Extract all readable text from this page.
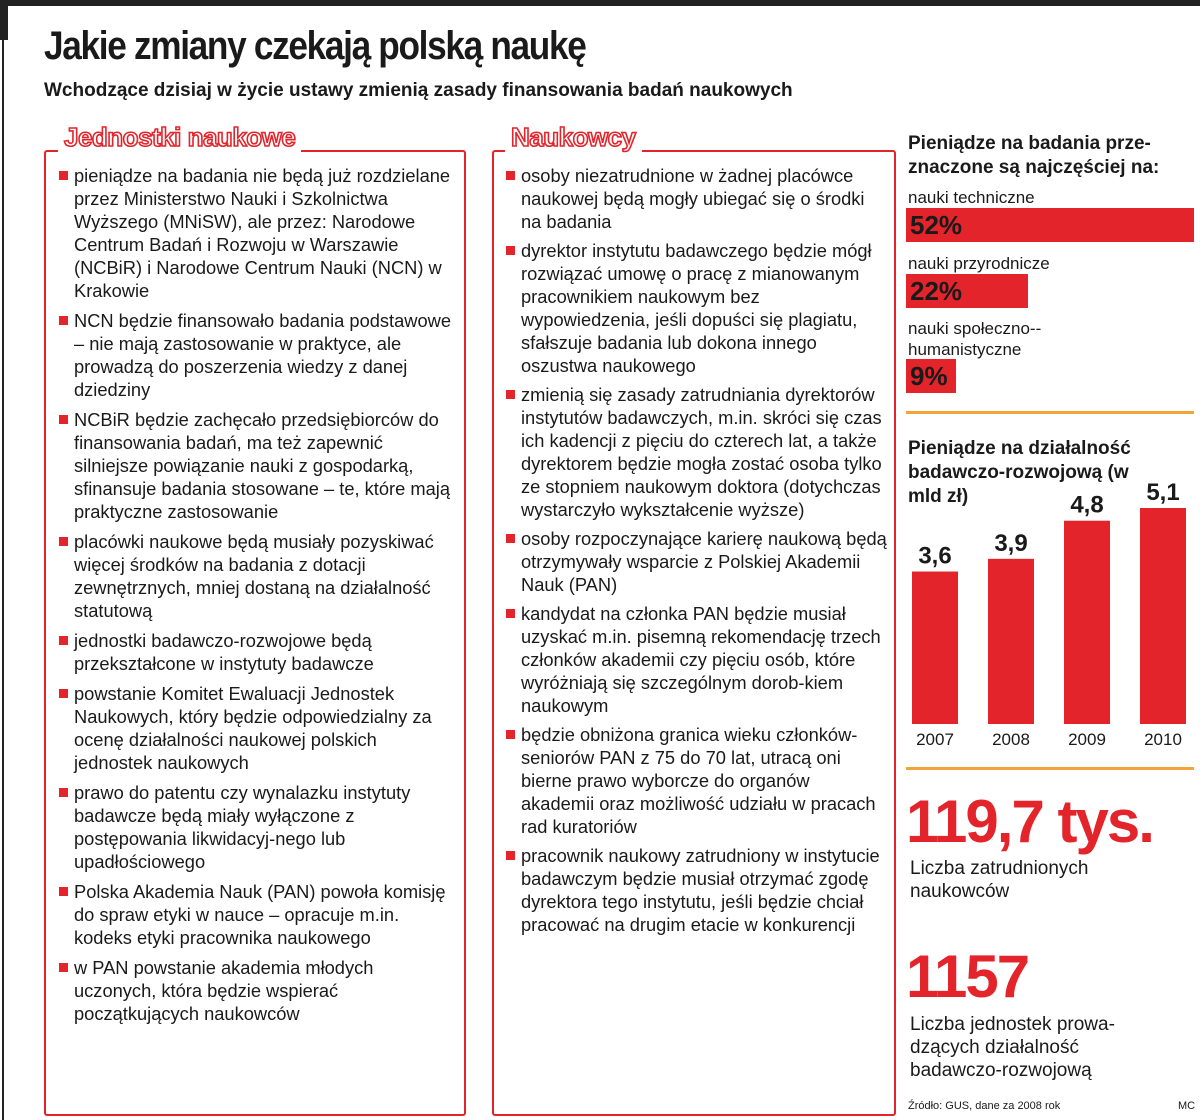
Jakie zmiany czekają polską naukę

Wchodzące dzisiaj w życie ustawy zmienią zasady finansowania badań naukowych

Jednostki naukowe
pieniądze na badania nie będą już rozdzielane przez Ministerstwo Nauki i Szkolnictwa Wyższego (MNiSW), ale przez: Narodowe Centrum Badań i Rozwoju w Warszawie (NCBiR) i Narodowe Centrum Nauki (NCN) w Krakowie
NCN będzie finansowało badania podstawowe – nie mają zastosowanie w praktyce, ale prowadzą do poszerzenia wiedzy z danej dziedziny
NCBiR będzie zachęcało przedsiębiorców do finansowania badań, ma też zapewnić silniejsze powiązanie nauki z gospodarką, sfinansuje badania stosowane – te, które mają praktyczne zastosowanie
placówki naukowe będą musiały pozyskiwać więcej środków na badania z dotacji zewnętrznych, mniej dostaną na działalność statutową
jednostki badawczo-rozwojowe będą przekształcone w instytuty badawcze
powstanie Komitet Ewaluacji Jednostek Naukowych, który będzie odpowiedzialny za ocenę działalności naukowej polskich jednostek naukowych
prawo do patentu czy wynalazku instytuty badawcze będą miały wyłączone z postępowania likwidacyj-nego lub upadłościowego
Polska Akademia Nauk (PAN) powoła komisję do spraw etyki w nauce – opracuje m.in. kodeks etyki pracownika naukowego
w PAN powstanie akademia młodych uczonych, która będzie wspierać początkujących naukowców
Naukowcy
osoby niezatrudnione w żadnej placówce naukowej będą mogły ubiegać się o środki na badania
dyrektor instytutu badawczego będzie mógł rozwiązać umowę o pracę z mianowanym pracownikiem naukowym bez wypowiedzenia, jeśli dopuści się plagiatu, sfałszuje badania lub dokona innego oszustwa naukowego
zmienią się zasady zatrudniania dyrektorów instytutów badawczych, m.in. skróci się czas ich kadencji z pięciu do czterech lat, a także dyrektorem będzie mogła zostać osoba tylko ze stopniem naukowym doktora (dotychczas wystarczyło wykształcenie wyższe)
osoby rozpoczynające karierę naukową będą otrzymywały wsparcie z Polskiej Akademii Nauk (PAN)
kandydat na członka PAN będzie musiał uzyskać m.in. pisemną rekomendację trzech członków akademii czy pięciu osób, które wyróżniają się szczególnym dorob-kiem naukowym
będzie obniżona granica wieku członków-seniorów PAN z 75 do 70 lat, utracą oni bierne prawo wyborcze do organów akademii oraz możliwość udziału w pracach rad kuratoriów
pracownik naukowy zatrudniony w instytucie badawczym będzie musiał otrzymać zgodę dyrektora tego instytutu, jeśli będzie chciał pracować na drugim etacie w konkurencji

Pieniądze na badania prze-znaczone są najczęściej na:

nauki techniczne
52%
nauki przyrodnicze
22%
nauki społeczno--humanistyczne
9%

Pieniądze na działalność badawczo-rozwojową (w mld zł)

3,6
2007
3,9
2008
4,8
2009
5,1
2010

119,7 tys.

Liczba zatrudnionych naukowców

1157

Liczba jednostek prowa-dzących działalność badawczo-rozwojową
Źródło: GUS, dane za 2008 rok	MC
